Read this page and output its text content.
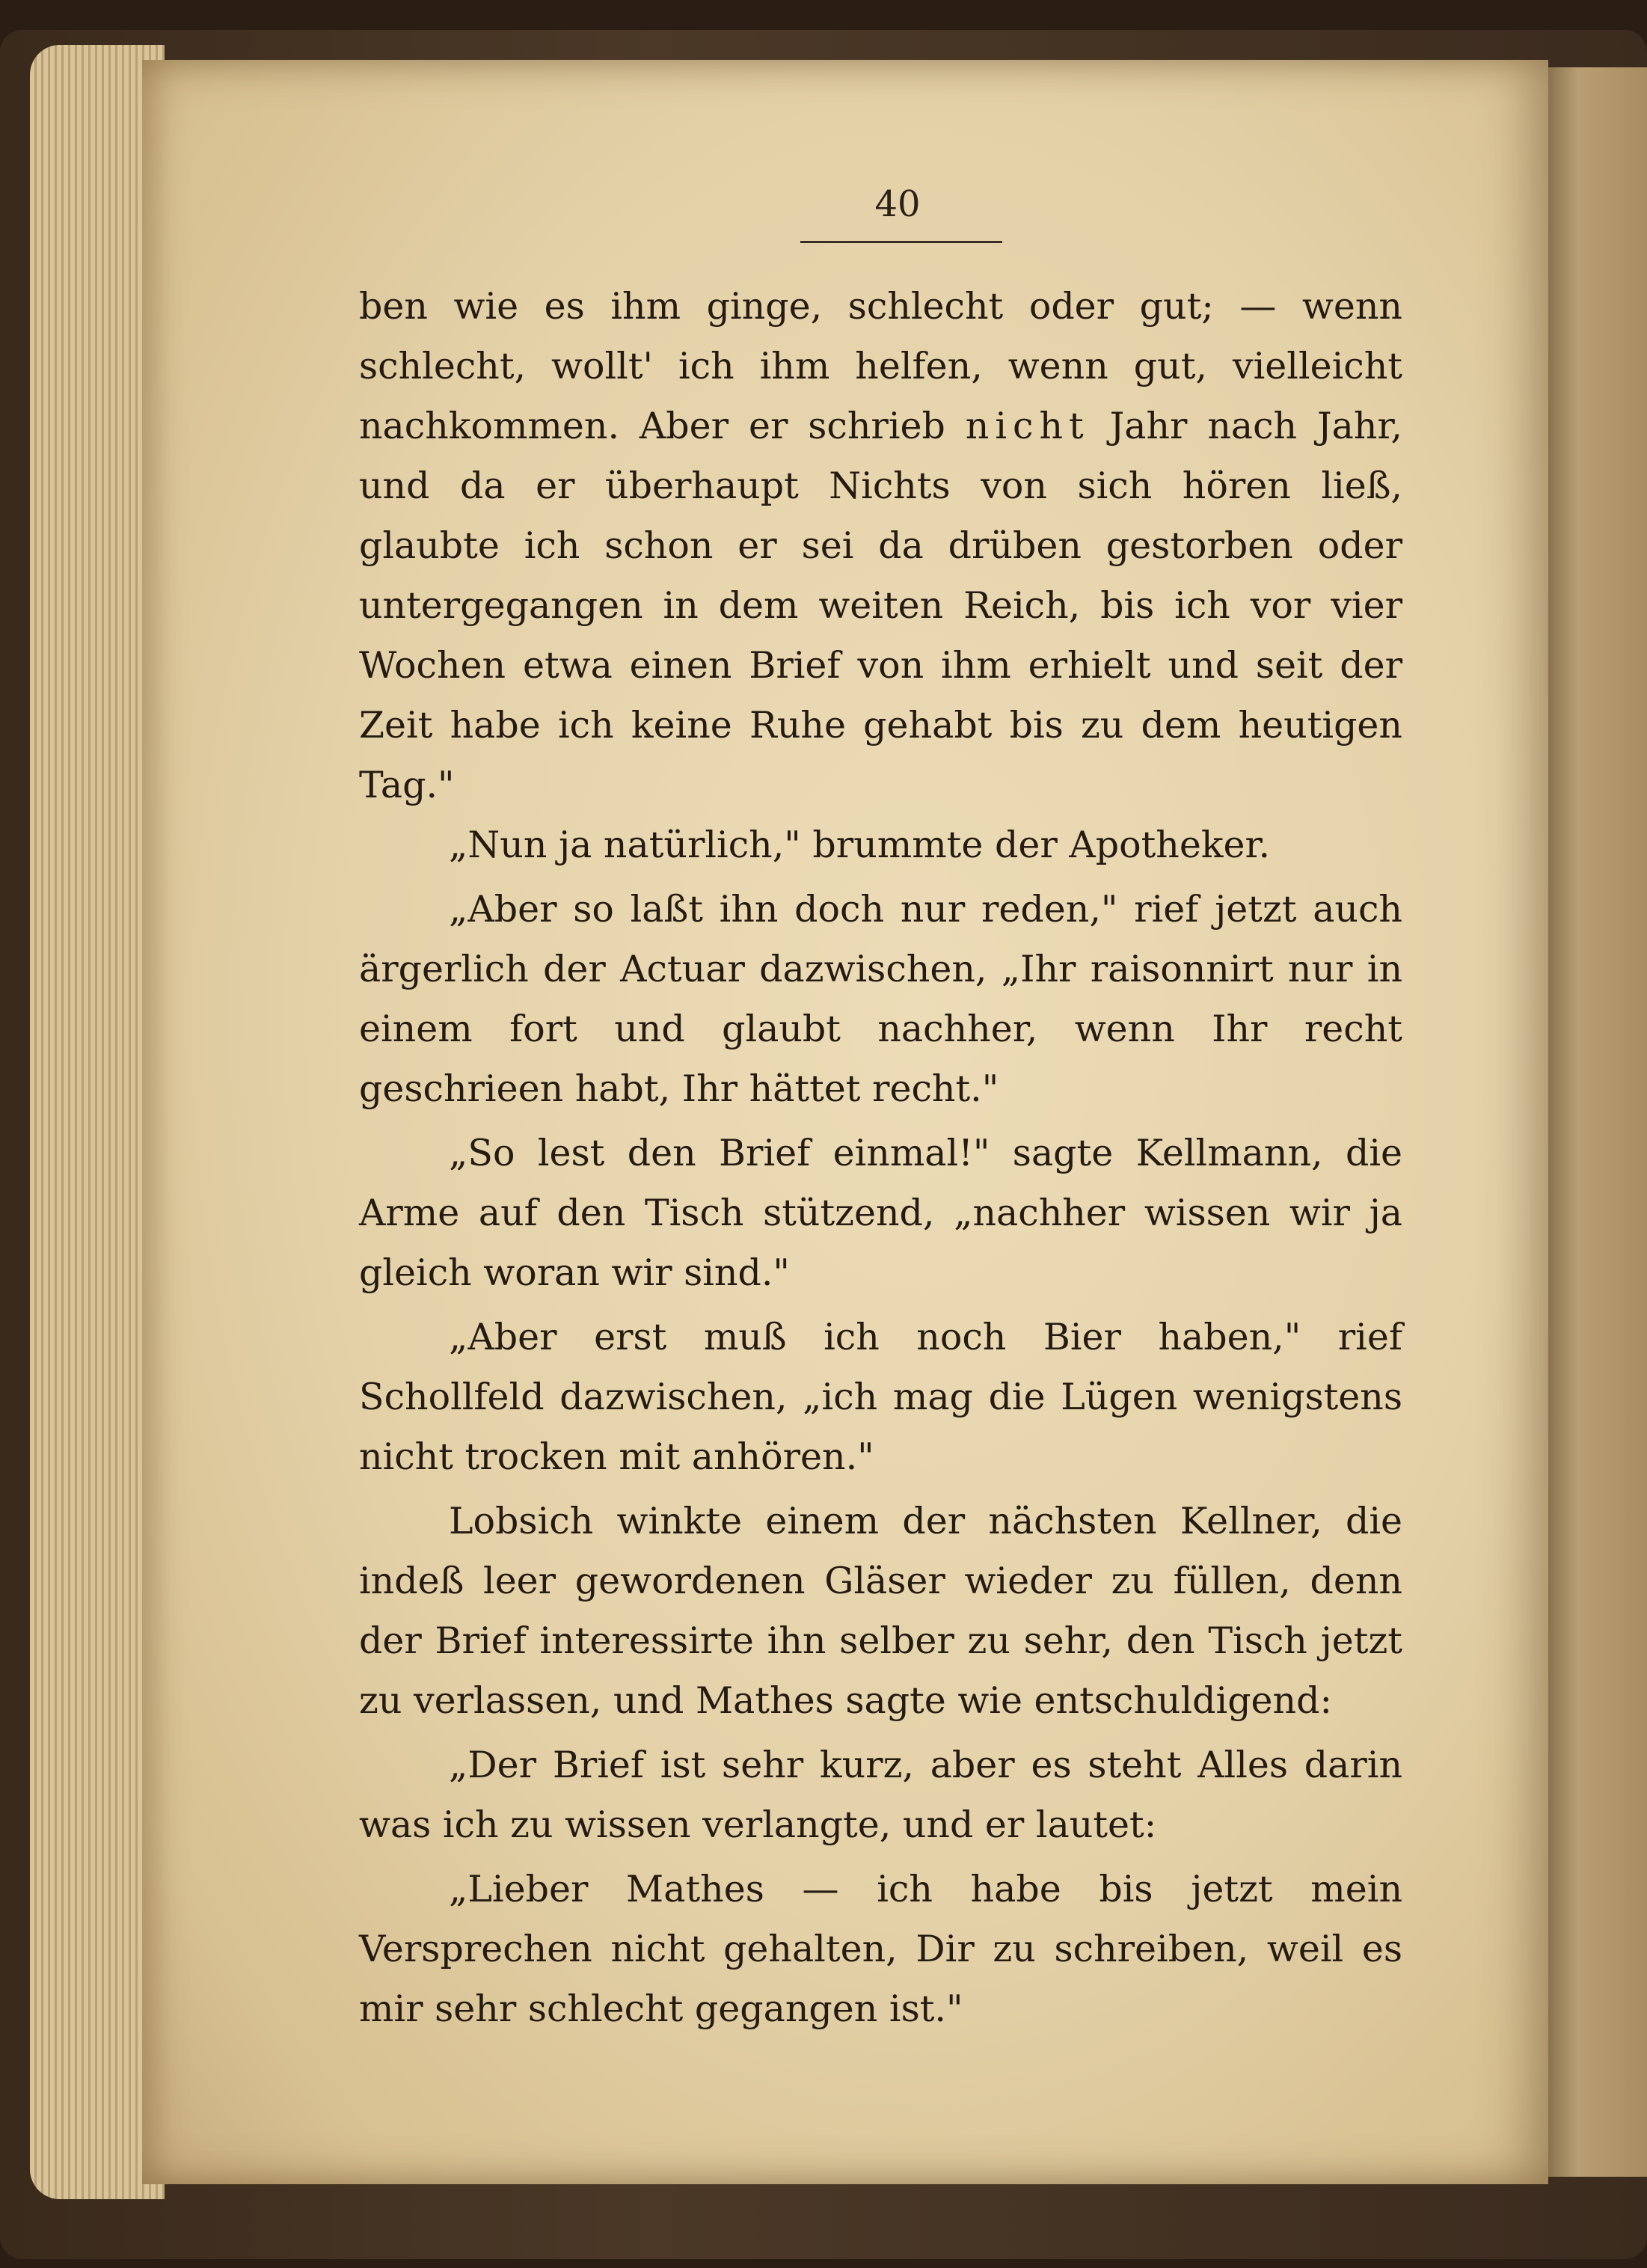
40

ben wie es ihm ginge, schlecht oder gut; — wenn schlecht, wollt' ich ihm helfen, wenn gut, vielleicht nachkommen. Aber er schrieb nicht Jahr nach Jahr, und da er überhaupt Nichts von sich hören ließ, glaubte ich schon er sei da drüben gestorben oder untergegangen in dem weiten Reich, bis ich vor vier Wochen etwa einen Brief von ihm erhielt und seit der Zeit habe ich keine Ruhe gehabt bis zu dem heutigen Tag."

„Nun ja natürlich," brummte der Apotheker.

„Aber so laßt ihn doch nur reden," rief jetzt auch ärgerlich der Actuar dazwischen, „Ihr raisonnirt nur in einem fort und glaubt nachher, wenn Ihr recht geschrieen habt, Ihr hättet recht."

„So lest den Brief einmal!" sagte Kellmann, die Arme auf den Tisch stützend, „nachher wissen wir ja gleich woran wir sind."

„Aber erst muß ich noch Bier haben," rief Schollfeld dazwischen, „ich mag die Lügen wenigstens nicht trocken mit anhören."

Lobsich winkte einem der nächsten Kellner, die indeß leer gewordenen Gläser wieder zu füllen, denn der Brief interessirte ihn selber zu sehr, den Tisch jetzt zu verlassen, und Mathes sagte wie entschuldigend:

„Der Brief ist sehr kurz, aber es steht Alles darin was ich zu wissen verlangte, und er lautet:

„Lieber Mathes — ich habe bis jetzt mein Versprechen nicht gehalten, Dir zu schreiben, weil es mir sehr schlecht gegangen ist."
